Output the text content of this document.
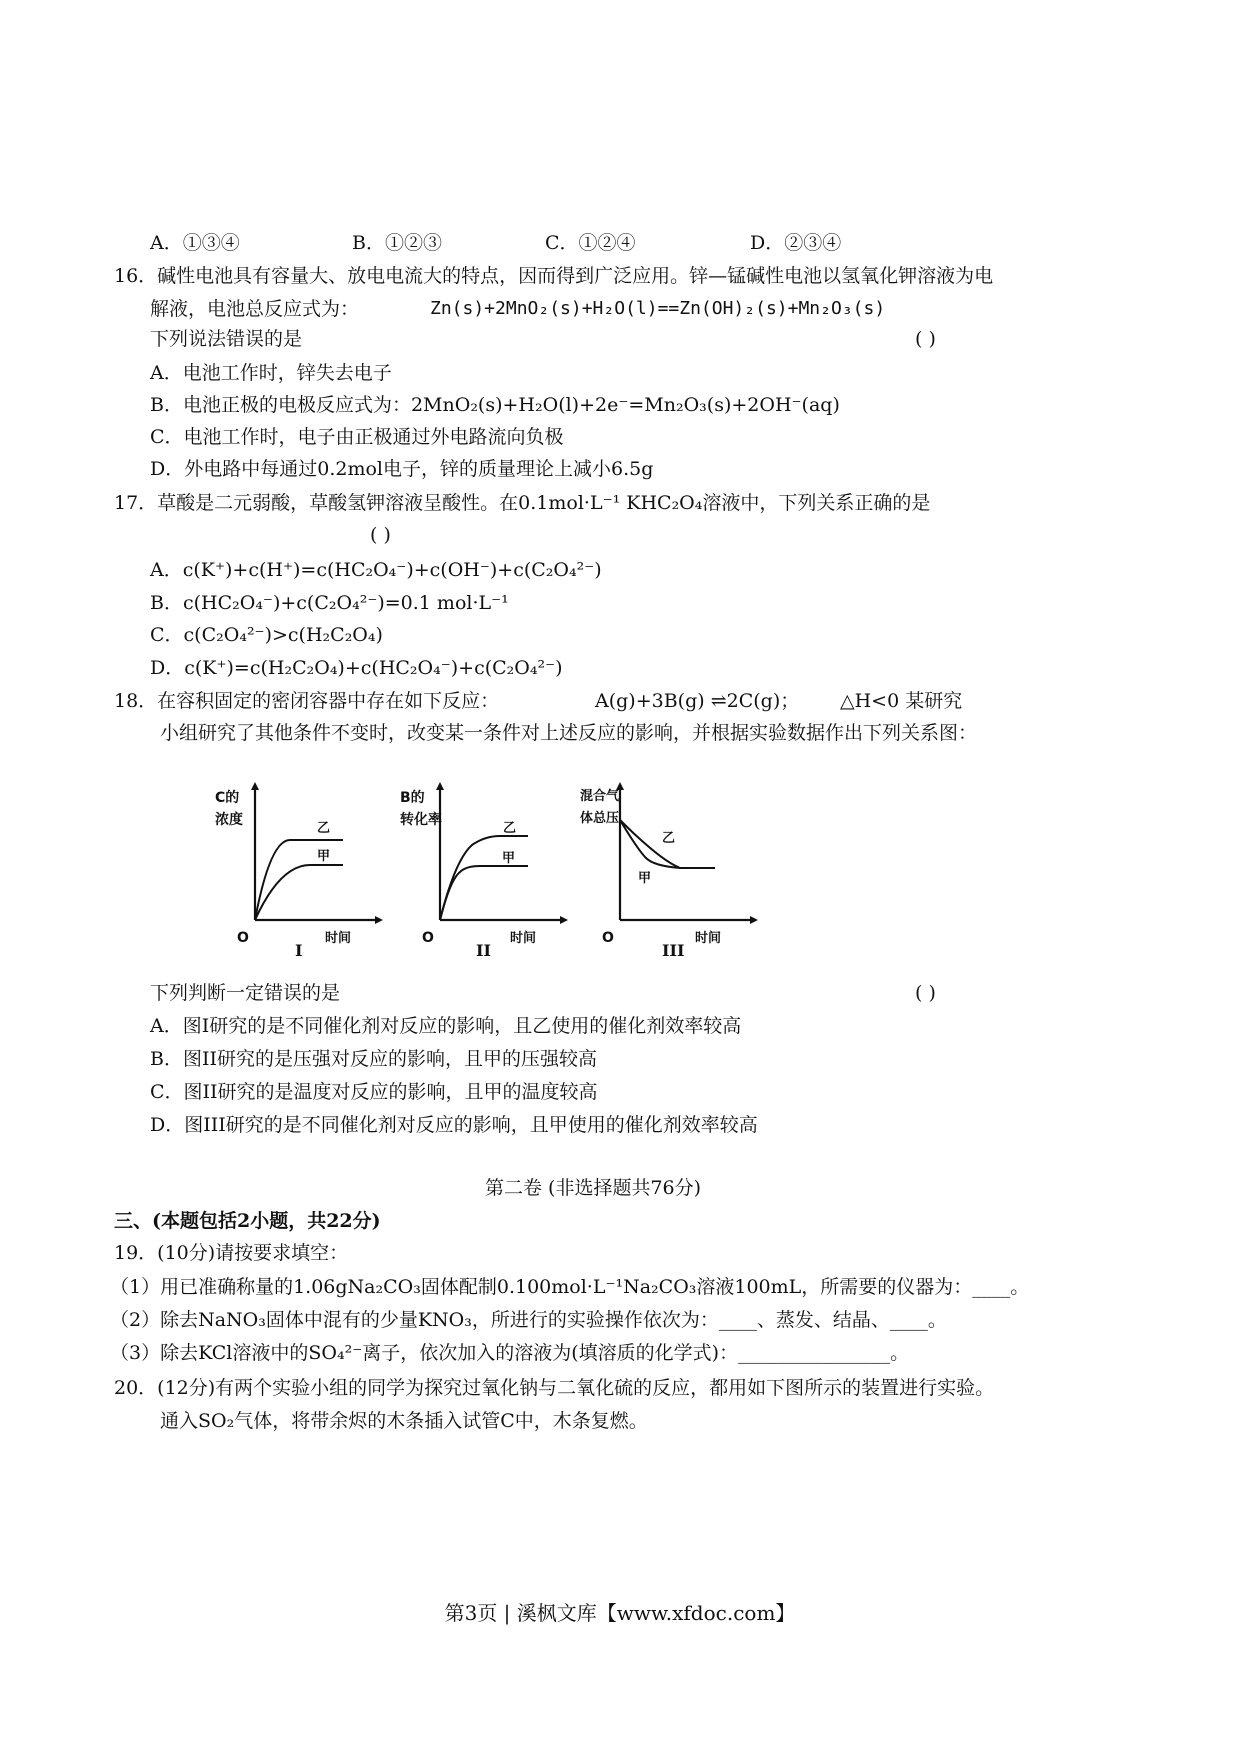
A．①③④	B．①②③	C．①②④	D．②③④
16．碱性电池具有容量大、放电电流大的特点，因而得到广泛应用。锌—锰碱性电池以氢氧化钾溶液为电
解液，电池总反应式为：	Zn(s)+2MnO₂(s)+H₂O(l)==Zn(OH)₂(s)+Mn₂O₃(s)
下列说法错误的是	( )
A．电池工作时，锌失去电子
B．电池正极的电极反应式为：2MnO₂(s)+H₂O(l)+2e⁻=Mn₂O₃(s)+2OH⁻(aq)
C．电池工作时，电子由正极通过外电路流向负极
D．外电路中每通过0.2mol电子，锌的质量理论上减小6.5g
17．草酸是二元弱酸，草酸氢钾溶液呈酸性。在0.1mol·L⁻¹ KHC₂O₄溶液中，下列关系正确的是
( )
A．c(K⁺)+c(H⁺)=c(HC₂O₄⁻)+c(OH⁻)+c(C₂O₄²⁻)
B．c(HC₂O₄⁻)+c(C₂O₄²⁻)=0.1 mol·L⁻¹
C．c(C₂O₄²⁻)>c(H₂C₂O₄)
D．c(K⁺)=c(H₂C₂O₄)+c(HC₂O₄⁻)+c(C₂O₄²⁻)
18．在容积固定的密闭容器中存在如下反应：	A(g)+3B(g) ⇌2C(g)； △H<0 某研究
小组研究了其他条件不变时，改变某一条件对上述反应的影响，并根据实验数据作出下列关系图：
C的
浓度
乙
甲
O	时间
I
B的
转化率
乙
甲
O	时间
II
混合气
体总压
乙
甲
O	时间
III
下列判断一定错误的是	( )
A．图I研究的是不同催化剂对反应的影响，且乙使用的催化剂效率较高
B．图II研究的是压强对反应的影响，且甲的压强较高
C．图II研究的是温度对反应的影响，且甲的温度较高
D．图III研究的是不同催化剂对反应的影响，且甲使用的催化剂效率较高
第二卷 (非选择题共76分)
三、(本题包括2小题，共22分)
19．(10分)请按要求填空：
（1）用已准确称量的1.06gNa₂CO₃固体配制0.100mol·L⁻¹Na₂CO₃溶液100mL，所需要的仪器为：____。
（2）除去NaNO₃固体中混有的少量KNO₃，所进行的实验操作依次为：____、蒸发、结晶、____。
（3）除去KCl溶液中的SO₄²⁻离子，依次加入的溶液为(填溶质的化学式)：________________。
20．(12分)有两个实验小组的同学为探究过氧化钠与二氧化硫的反应，都用如下图所示的装置进行实验。
通入SO₂气体，将带余烬的木条插入试管C中，木条复燃。
第3页 | 溪枫文库【www.xfdoc.com】
